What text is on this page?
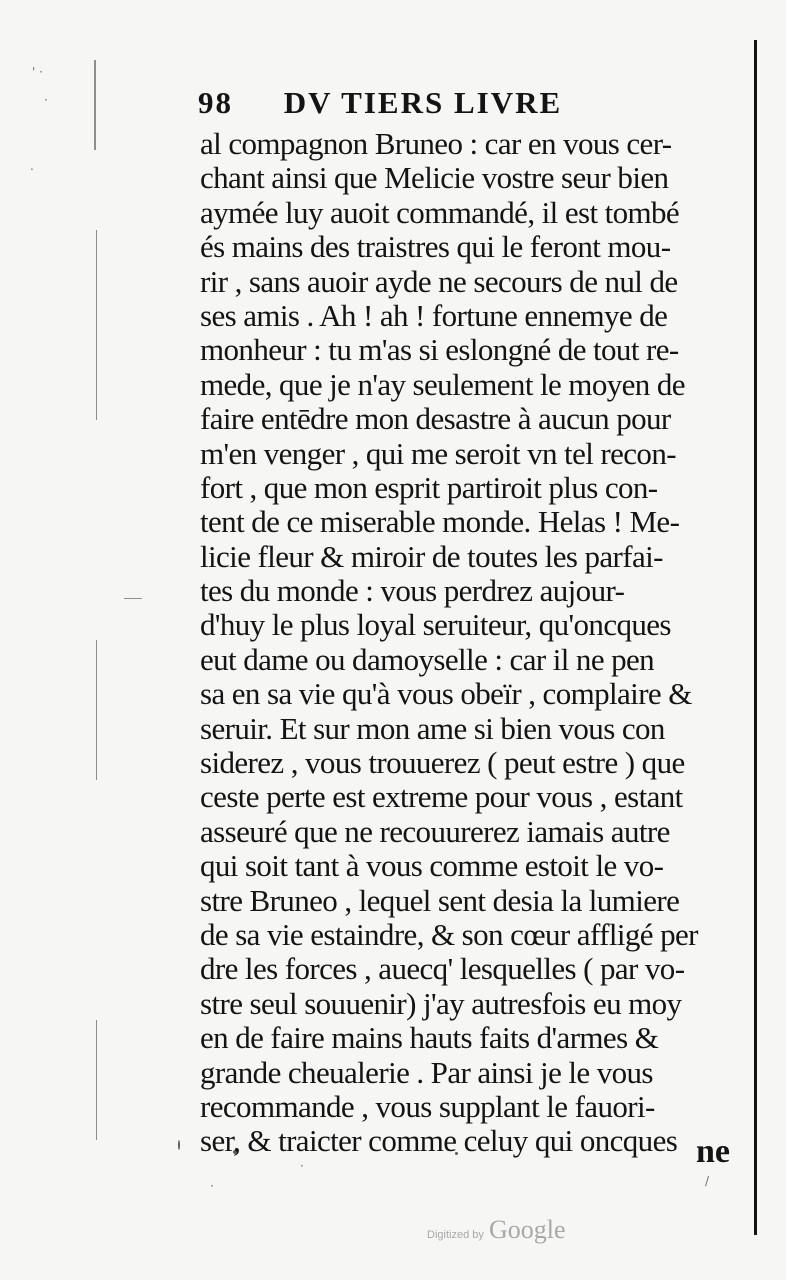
' ·
·
.
·
·
/
98 DV TIERS LIVRE
al compagnon Bruneo : car en vous cer-
chant ainsi que Melicie vostre seur bien
aymée luy auoit commandé, il est tombé
és mains des traistres qui le feront mou-
rir , sans auoir ayde ne secours de nul de
ses amis . Ah ! ah ! fortune ennemye de
monheur : tu m'as si eslongné de tout re-
mede, que je n'ay seulement le moyen de
faire entēdre mon desastre à aucun pour
m'en venger , qui me seroit vn tel recon-
fort , que mon esprit partiroit plus con-
tent de ce miserable monde. Helas ! Me-
licie fleur & miroir de toutes les parfai-
tes du monde : vous perdrez aujour-
d'huy le plus loyal seruiteur, qu'oncques
eut dame ou damoyselle : car il ne pen
sa en sa vie qu'à vous obeïr , complaire &
seruir. Et sur mon ame si bien vous con
siderez , vous trouuerez ( peut estre ) que
ceste perte est extreme pour vous , estant
asseuré que ne recouurerez iamais autre
qui soit tant à vous comme estoit le vo-
stre Bruneo , lequel sent desia la lumiere
de sa vie estaindre, & son cœur affligé per
dre les forces , auecq' lesquelles ( par vo-
stre seul souuenir) j'ay autresfois eu moy
en de faire mains hauts faits d'armes &
grande cheualerie . Par ainsi je le vous
recommande , vous supplant le fauori-
ser, & traicter comme celuy qui oncques ne
Digitized by Google
